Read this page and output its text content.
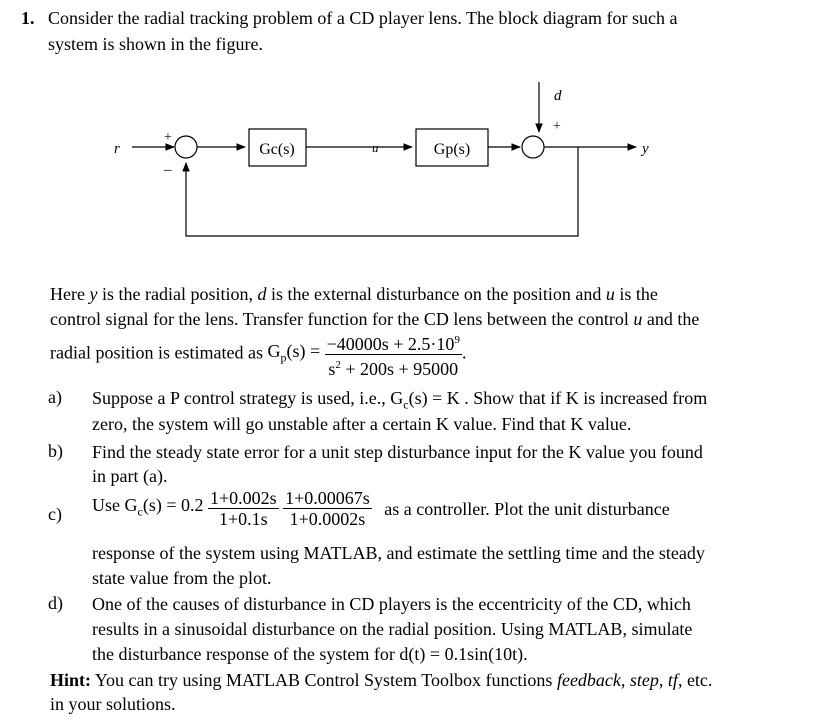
1. Consider the radial tracking problem of a CD player lens. The block diagram for such a
system is shown in the figure.
r
+
–
Gc(s)	u	Gp(s)
d
+
y
Here y is the radial position, d is the external disturbance on the position and u is the
control signal for the lens. Transfer function for the CD lens between the control u and the
radial position is estimated as $G_p(s) = \frac{-40000s + 2.5\cdot 10^9}{s^2 + 200s + 95000}$ .
a) Suppose a P control strategy is used, i.e., $G_c(s) = K$ . Show that if K is increased from
zero, the system will go unstable after a certain K value. Find that K value.
b) Find the steady state error for a unit step disturbance input for the K value you found
in part (a).
c) Use $G_c(s) = 0.2 \frac{1+0.002s}{1+0.1s}$
$\frac{1+0.00067s}{1+0.0002s}$ as a controller. Plot the unit disturbance
response of the system using MATLAB, and estimate the settling time and the steady
state value from the plot.
d) One of the causes of disturbance in CD players is the eccentricity of the CD, which
results in a sinusoidal disturbance on the radial position. Using MATLAB, simulate
the disturbance response of the system for d(t) = 0.1sin(10t).
Hint: You can try using MATLAB Control System Toolbox functions feedback, step, tf, etc.
in your solutions.
